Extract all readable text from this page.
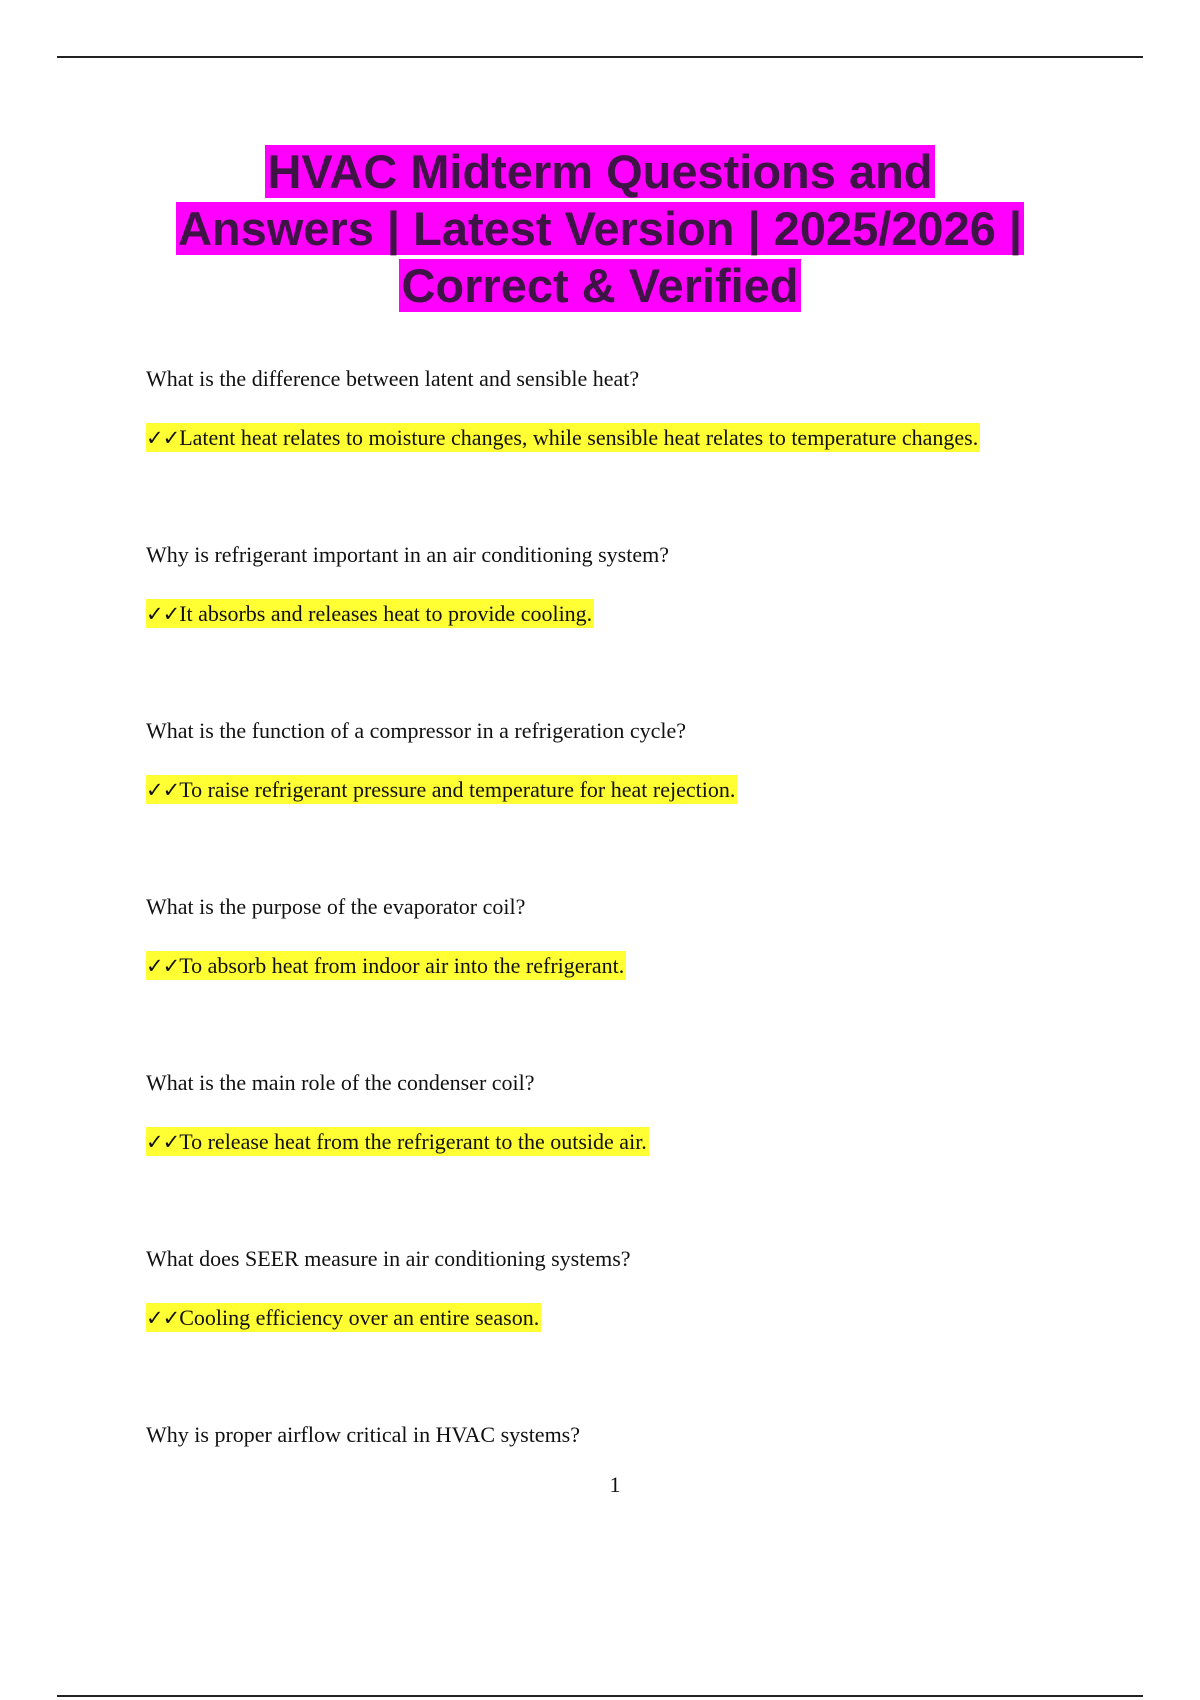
HVAC Midterm Questions and
Answers | Latest Version | 2025/2026 |
Correct & Verified
What is the difference between latent and sensible heat?
✓✓Latent heat relates to moisture changes, while sensible heat relates to temperature changes.
Why is refrigerant important in an air conditioning system?
✓✓It absorbs and releases heat to provide cooling.
What is the function of a compressor in a refrigeration cycle?
✓✓To raise refrigerant pressure and temperature for heat rejection.
What is the purpose of the evaporator coil?
✓✓To absorb heat from indoor air into the refrigerant.
What is the main role of the condenser coil?
✓✓To release heat from the refrigerant to the outside air.
What does SEER measure in air conditioning systems?
✓✓Cooling efficiency over an entire season.
Why is proper airflow critical in HVAC systems?
1
